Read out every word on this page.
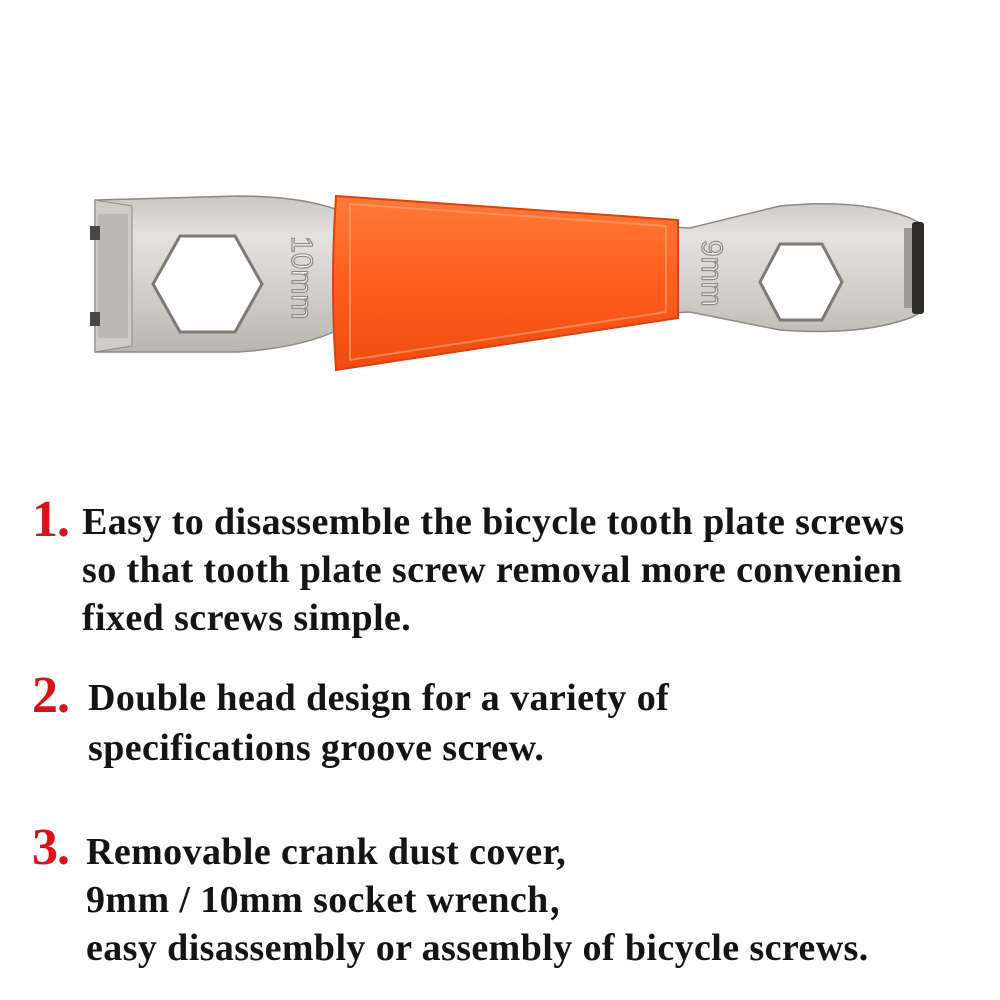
10mm	9mm
1. Easy to disassemble the bicycle tooth plate screws
so that tooth plate screw removal more convenien
fixed screws simple.
2. Double head design for a variety of
specifications groove screw.
3. Removable crank dust cover,
9mm / 10mm socket wrench，
easy disassembly or assembly of bicycle screws.
